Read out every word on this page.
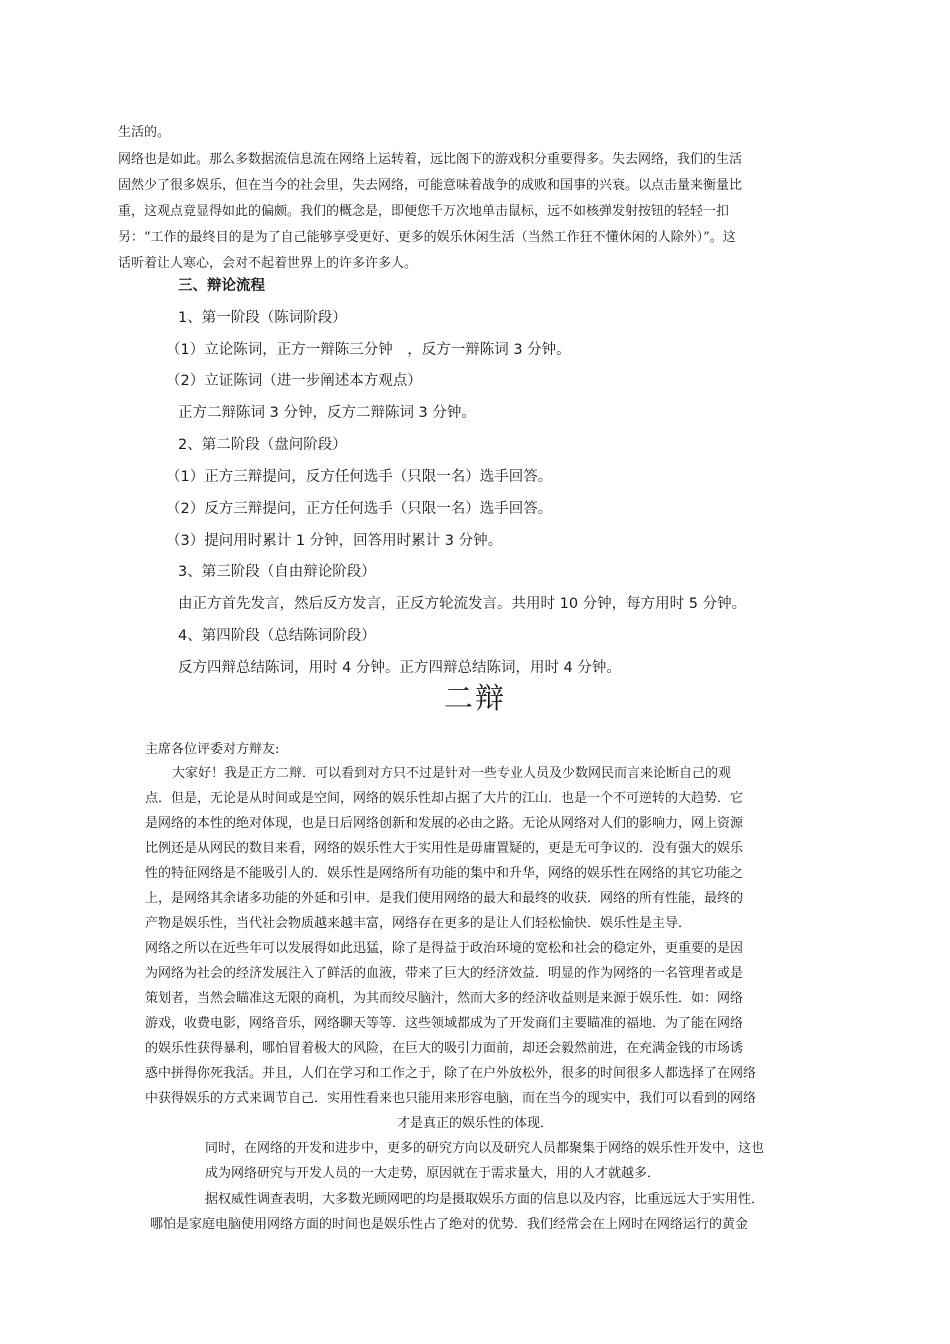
生活的。
网络也是如此。那么多数据流信息流在网络上运转着，远比阁下的游戏积分重要得多。失去网络，我们的生活
固然少了很多娱乐，但在当今的社会里，失去网络，可能意味着战争的成败和国事的兴衰。以点击量来衡量比
重，这观点竟显得如此的偏颇。我们的概念是，即便您千万次地单击鼠标，远不如核弹发射按钮的轻轻一扣
另：“工作的最终目的是为了自己能够享受更好、更多的娱乐休闲生活（当然工作狂不懂休闲的人除外）”。这
话听着让人寒心，会对不起着世界上的许多许多人。
三、辩论流程
1、第一阶段（陈词阶段）
（1）立论陈词，正方一辩陈三分钟　，反方一辩陈词 3 分钟。
（2）立证陈词（进一步阐述本方观点）
正方二辩陈词 3 分钟，反方二辩陈词 3 分钟。
2、第二阶段（盘问阶段）
（1）正方三辩提问，反方任何选手（只限一名）选手回答。
（2）反方三辩提问，正方任何选手（只限一名）选手回答。
（3）提问用时累计 1 分钟，回答用时累计 3 分钟。
3、第三阶段（自由辩论阶段）
由正方首先发言，然后反方发言，正反方轮流发言。共用时 10 分钟，每方用时 5 分钟。
4、第四阶段（总结陈词阶段）
反方四辩总结陈词，用时 4 分钟。正方四辩总结陈词，用时 4 分钟。
二辩
主席各位评委对方辩友:
大家好！我是正方二辩．可以看到对方只不过是针对一些专业人员及少数网民而言来论断自己的观
点．但是，无论是从时间或是空间，网络的娱乐性却占据了大片的江山．也是一个不可逆转的大趋势．它
是网络的本性的绝对体现，也是日后网络创新和发展的必由之路。无论从网络对人们的影响力，网上资源
比例还是从网民的数目来看，网络的娱乐性大于实用性是毋庸置疑的，更是无可争议的．没有强大的娱乐
性的特征网络是不能吸引人的．娱乐性是网络所有功能的集中和升华，网络的娱乐性在网络的其它功能之
上，是网络其余诸多功能的外延和引申．是我们使用网络的最大和最终的收获．网络的所有性能，最终的
产物是娱乐性，当代社会物质越来越丰富，网络存在更多的是让人们轻松愉快．娱乐性是主导．
网络之所以在近些年可以发展得如此迅猛，除了是得益于政治环境的宽松和社会的稳定外，更重要的是因
为网络为社会的经济发展注入了鲜活的血液，带来了巨大的经济效益．明显的作为网络的一名管理者或是
策划者，当然会瞄准这无限的商机，为其而绞尽脑汁，然而大多的经济收益则是来源于娱乐性．如：网络
游戏，收费电影，网络音乐，网络聊天等等．这些领域都成为了开发商们主要瞄准的福地．为了能在网络
的娱乐性获得暴利，哪怕冒着极大的风险，在巨大的吸引力面前，却还会毅然前进，在充满金钱的市场诱
惑中拼得你死我活。并且，人们在学习和工作之于，除了在户外放松外，很多的时间很多人都选择了在网络
中获得娱乐的方式来调节自己．实用性看来也只能用来形容电脑，而在当今的现实中，我们可以看到的网络
才是真正的娱乐性的体现．
同时，在网络的开发和进步中，更多的研究方向以及研究人员都聚集于网络的娱乐性开发中，这也
成为网络研究与开发人员的一大走势，原因就在于需求量大，用的人才就越多．
据权威性调查表明，大多数光顾网吧的均是摄取娱乐方面的信息以及内容，比重远远大于实用性．
哪怕是家庭电脑使用网络方面的时间也是娱乐性占了绝对的优势．我们经常会在上网时在网络运行的黄金
